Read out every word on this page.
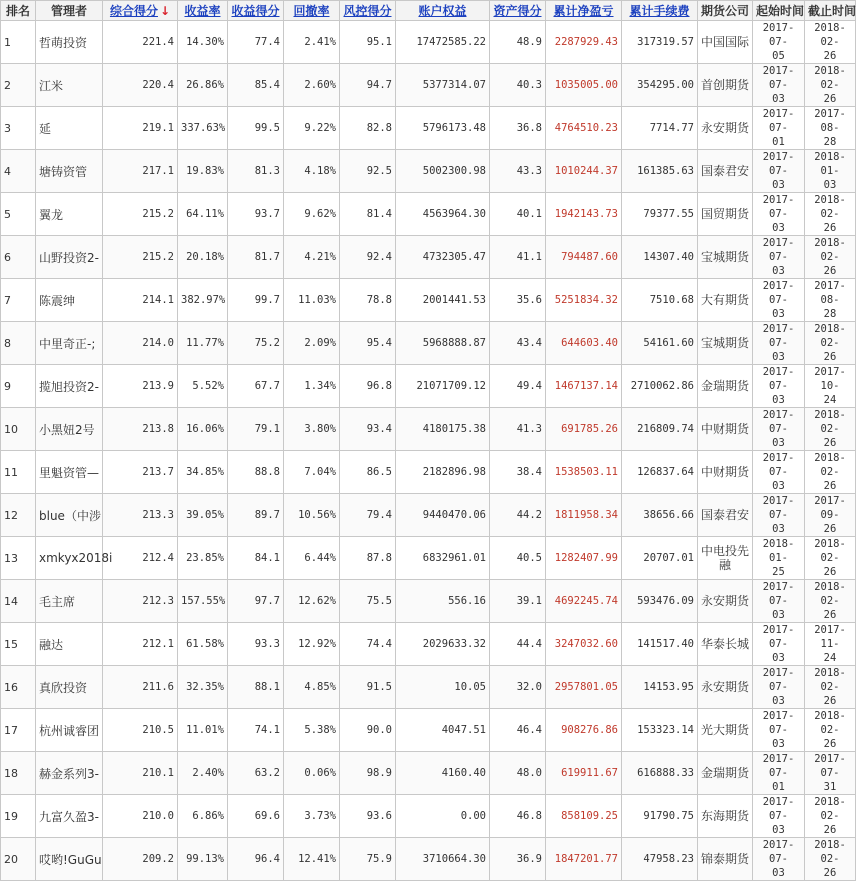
排名	管理者	综合得分 ↓	收益率	收益得分	回撤率	风控得分	账户权益	资产得分	累计净盈亏	累计手续费	期货公司	起始时间	截止时间
1	哲萌投资	221.4	14.30%	77.4	2.41%	95.1	17472585.22	48.9	2287929.43	317319.57	中国国际	2017-07-
05	2018-02-
26

2	江米	220.4	26.86%	85.4	2.60%	94.7	5377314.07	40.3	1035005.00	354295.00	首创期货	2017-07-
03	2018-02-
26

3	延	219.1	337.63%	99.5	9.22%	82.8	5796173.48	36.8	4764510.23	7714.77	永安期货	2017-07-
01	2017-08-
28

4	塘铸资管	217.1	19.83%	81.3	4.18%	92.5	5002300.98	43.3	1010244.37	161385.63	国泰君安	2017-07-
03	2018-01-
03

5	翼龙	215.2	64.11%	93.7	9.62%	81.4	4563964.30	40.1	1942143.73	79377.55	国贸期货	2017-07-
03	2018-02-
26

6	山野投资2-	215.2	20.18%	81.7	4.21%	92.4	4732305.47	41.1	794487.60	14307.40	宝城期货	2017-07-
03	2018-02-
26

7	陈震绅	214.1	382.97%	99.7	11.03%	78.8	2001441.53	35.6	5251834.32	7510.68	大有期货	2017-07-
03	2017-08-
28

8	中里奇正-;	214.0	11.77%	75.2	2.09%	95.4	5968888.87	43.4	644603.40	54161.60	宝城期货	2017-07-
03	2018-02-
26

9	揽旭投资2-	213.9	5.52%	67.7	1.34%	96.8	21071709.12	49.4	1467137.14	2710062.86	金瑞期货	2017-07-
03	2017-10-
24

10	小黑妞2号	213.8	16.06%	79.1	3.80%	93.4	4180175.38	41.3	691785.26	216809.74	中财期货	2017-07-
03	2018-02-
26

11	里魁资管—	213.7	34.85%	88.8	7.04%	86.5	2182896.98	38.4	1538503.11	126837.64	中财期货	2017-07-
03	2018-02-
26

12	blue（中涉	213.3	39.05%	89.7	10.56%	79.4	9440470.06	44.2	1811958.34	38656.66	国泰君安	2017-07-
03	2017-09-
26

13	xmkyx2018i	212.4	23.85%	84.1	6.44%	87.8	6832961.01	40.5	1282407.99	20707.01	中电投先融	2018-01-
25	2018-02-
26

14	毛主席	212.3	157.55%	97.7	12.62%	75.5	556.16	39.1	4692245.74	593476.09	永安期货	2017-07-
03	2018-02-
26

15	融达	212.1	61.58%	93.3	12.92%	74.4	2029633.32	44.4	3247032.60	141517.40	华泰长城	2017-07-
03	2017-11-
24

16	真欣投资	211.6	32.35%	88.1	4.85%	91.5	10.05	32.0	2957801.05	14153.95	永安期货	2017-07-
03	2018-02-
26

17	杭州诚睿团	210.5	11.01%	74.1	5.38%	90.0	4047.51	46.4	908276.86	153323.14	光大期货	2017-07-
03	2018-02-
26

18	赫金系列3-	210.1	2.40%	63.2	0.06%	98.9	4160.40	48.0	619911.67	616888.33	金瑞期货	2017-07-
01	2017-07-
31

19	九富久盈3-	210.0	6.86%	69.6	3.73%	93.6	0.00	46.8	858109.25	91790.75	东海期货	2017-07-
03	2018-02-
26

20	哎哟!GuGu	209.2	99.13%	96.4	12.41%	75.9	3710664.30	36.9	1847201.77	47958.23	锦泰期货	2017-07-
03	2018-02-
26
